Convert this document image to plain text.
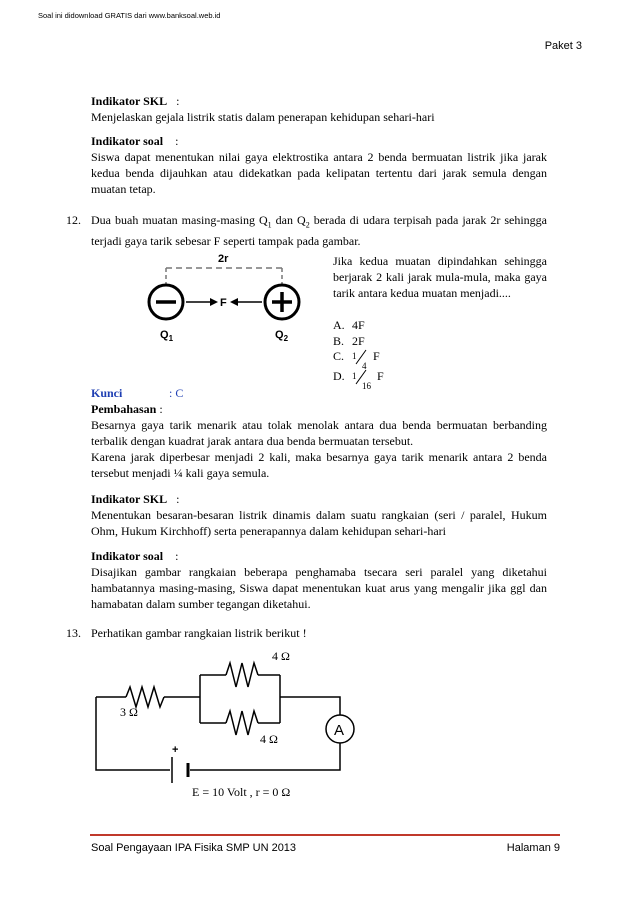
Soal ini didownload GRATIS dari www.banksoal.web.id
Paket 3
Indikator SKL :
Menjelaskan gejala listrik statis dalam penerapan kehidupan sehari-hari
Indikator soal :
Siswa dapat menentukan nilai gaya elektrostika antara 2 benda bermuatan listrik jika jarak kedua benda dijauhkan atau didekatkan pada kelipatan tertentu dari jarak semula dengan muatan tetap.
12. Dua buah muatan masing-masing $Q_1$ dan $Q_2$ berada di udara terpisah pada jarak 2r sehingga terjadi gaya tarik sebesar F seperti tampak pada gambar.
2r
F
$Q_1$	$Q_2$
Jika kedua muatan dipindahkan sehingga berjarak 2 kali jarak mula-mula, maka gaya tarik antara kedua muatan menjadi....
A. 4F
B. 2F
C. 1
4
F
D. 1
16
F
Kunci	: C
Pembahasan :
Besarnya gaya tarik menarik atau tolak menolak antara dua benda bermuatan berbanding terbalik dengan kuadrat jarak antara dua benda bermuatan tersebut.
Karena jarak diperbesar menjadi 2 kali, maka besarnya gaya tarik menarik antara 2 benda tersebut menjadi ¼ kali gaya semula.
Indikator SKL :
Menentukan besaran-besaran listrik dinamis dalam suatu rangkaian (seri / paralel, Hukum Ohm, Hukum Kirchhoff) serta penerapannya dalam kehidupan sehari-hari
Indikator soal :
Disajikan gambar rangkaian beberapa penghamaba tsecara seri paralel yang diketahui hambatannya masing-masing, Siswa dapat menentukan kuat arus yang mengalir jika ggl dan hamabatan dalam sumber tegangan diketahui.
13. Perhatikan gambar rangkaian listrik berikut !
+
A
4 Ω
3 Ω
4 Ω
E = 10 Volt , r = 0 Ω
Soal Pengayaan IPA Fisika SMP UN 2013	Halaman 9
